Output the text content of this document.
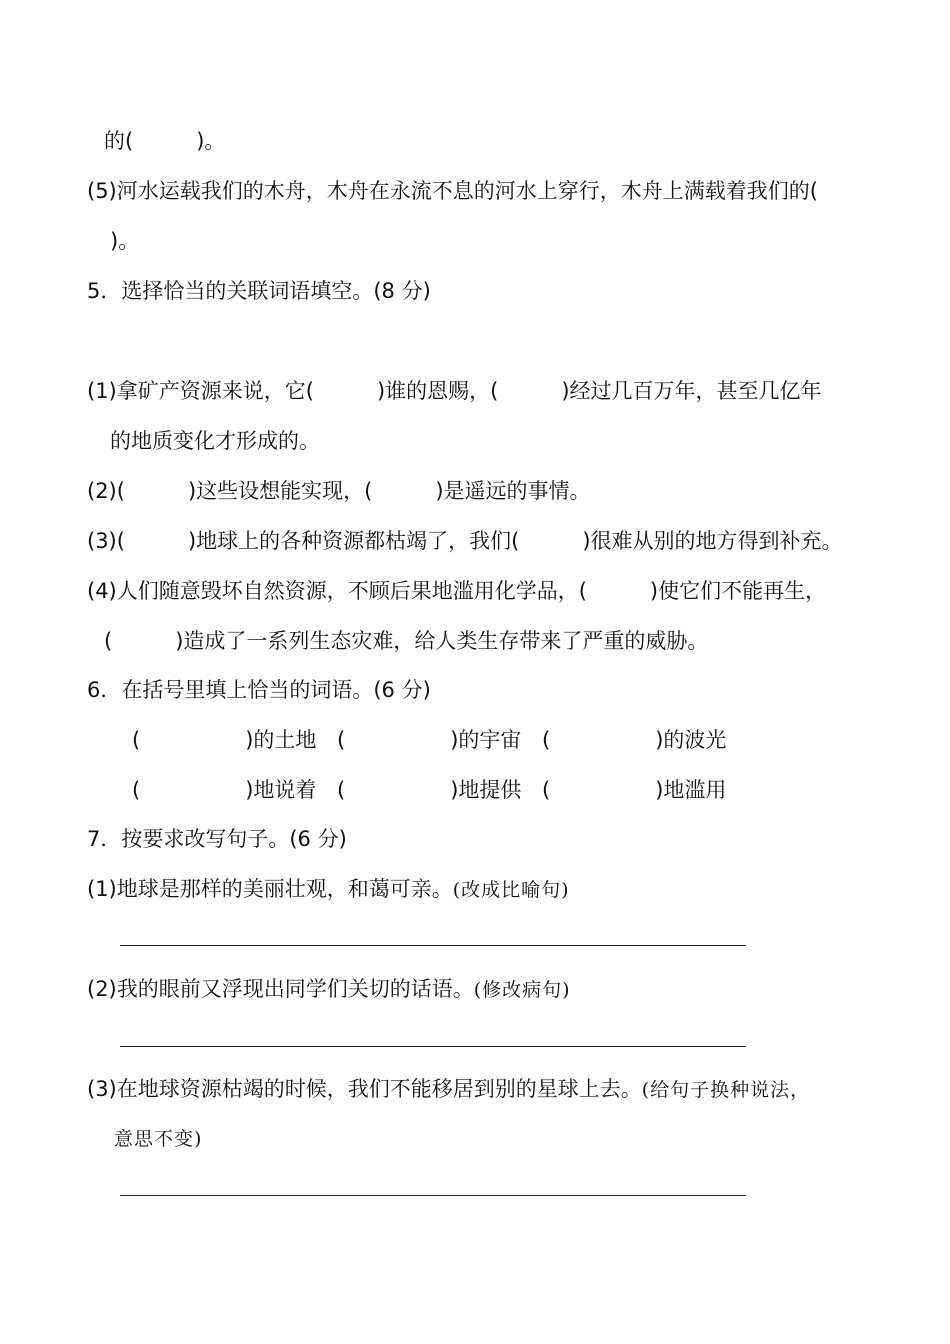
的(　　　)。
(5)河水运载我们的木舟，木舟在永流不息的河水上穿行，木舟上满载着我们的(
)。
5．选择恰当的关联词语填空。(8 分)
(1)拿矿产资源来说，它(　　　)谁的恩赐，(　　　)经过几百万年，甚至几亿年
的地质变化才形成的。
(2)(　　　)这些设想能实现，(　　　)是遥远的事情。
(3)(　　　)地球上的各种资源都枯竭了，我们(　　　)很难从别的地方得到补充。
(4)人们随意毁坏自然资源，不顾后果地滥用化学品，(　　　)使它们不能再生，
(　　　)造成了一系列生态灾难，给人类生存带来了严重的威胁。
6．在括号里填上恰当的词语。(6 分)
(　　　　　)的土地 (　　　　　)的宇宙 (　　　　　)的波光
(　　　　　)地说着 (　　　　　)地提供 (　　　　　)地滥用
7．按要求改写句子。(6 分)
(1)地球是那样的美丽壮观，和蔼可亲。(改成比喻句)
(2)我的眼前又浮现出同学们关切的话语。(修改病句)
(3)在地球资源枯竭的时候，我们不能移居到别的星球上去。(给句子换种说法，
意思不变)
